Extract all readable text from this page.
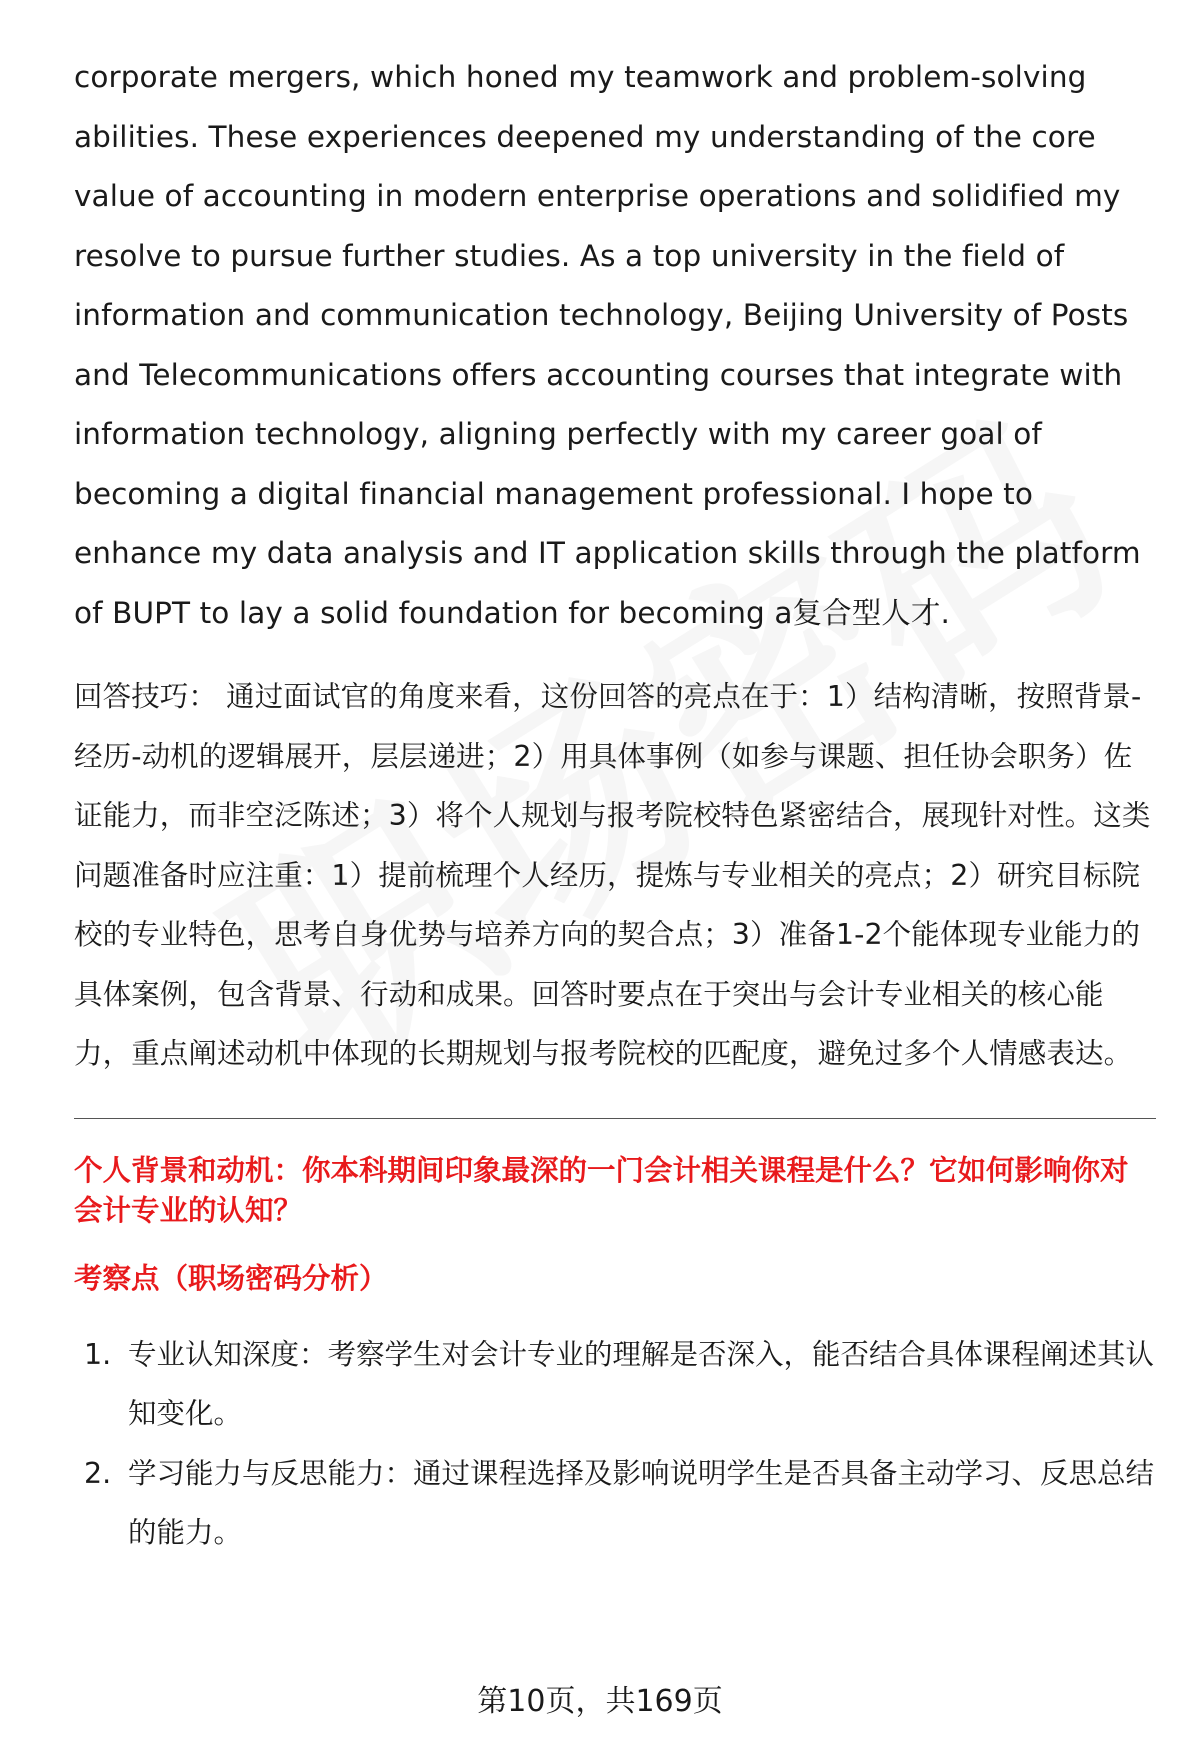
corporate mergers, which honed my teamwork and problem-solving abilities. These experiences deepened my understanding of the core value of accounting in modern enterprise operations and solidified my resolve to pursue further studies. As a top university in the field of information and communication technology, Beijing University of Posts and Telecommunications offers accounting courses that integrate with information technology, aligning perfectly with my career goal of becoming a digital financial management professional. I hope to enhance my data analysis and IT application skills through the platform of BUPT to lay a solid foundation for becoming a复合型人才.

回答技巧： 通过面试官的角度来看，这份回答的亮点在于：1）结构清晰，按照背景-经历-动机的逻辑展开，层层递进；2）用具体事例（如参与课题、担任协会职务）佐证能力，而非空泛陈述；3）将个人规划与报考院校特色紧密结合，展现针对性。这类问题准备时应注重：1）提前梳理个人经历，提炼与专业相关的亮点；2）研究目标院校的专业特色，思考自身优势与培养方向的契合点；3）准备1-2个能体现专业能力的具体案例，包含背景、行动和成果。回答时要点在于突出与会计专业相关的核心能力，重点阐述动机中体现的长期规划与报考院校的匹配度，避免过多个人情感表达。

个人背景和动机：你本科期间印象最深的一门会计相关课程是什么？它如何影响你对会计专业的认知？
考察点（职场密码分析）
1. 专业认知深度：考察学生对会计专业的理解是否深入，能否结合具体课程阐述其认知变化。
2. 学习能力与反思能力：通过课程选择及影响说明学生是否具备主动学习、反思总结的能力。
第10页，共169页
